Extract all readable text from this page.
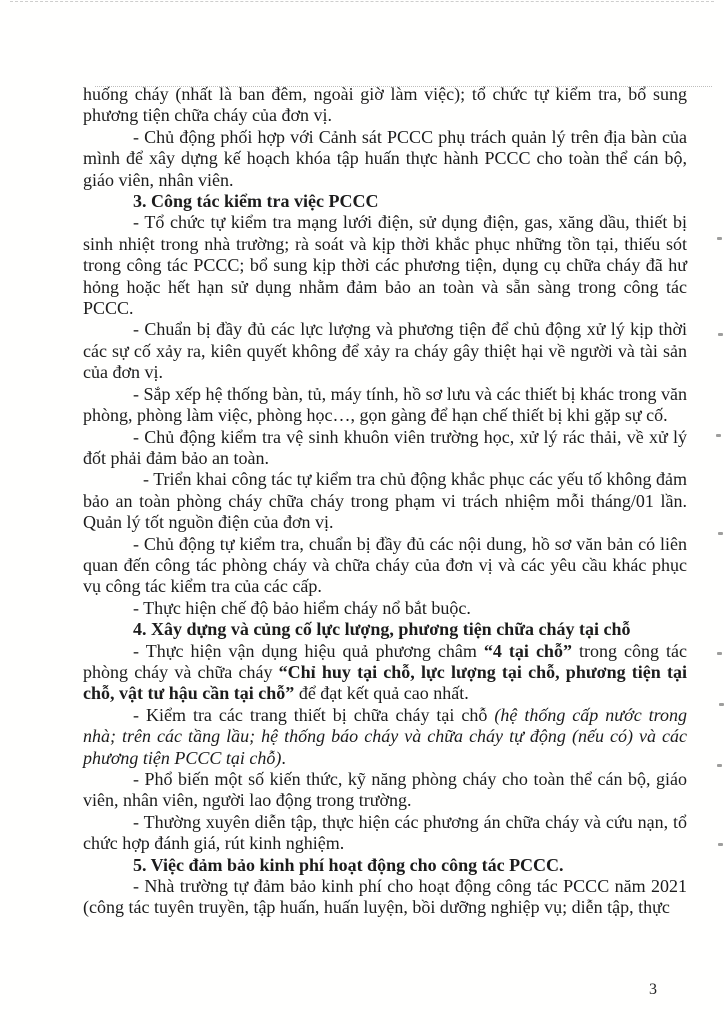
huống cháy (nhất là ban đêm, ngoài giờ làm việc); tổ chức tự kiểm tra, bổ sung phương tiện chữa cháy của đơn vị.

- Chủ động phối hợp với Cảnh sát PCCC phụ trách quản lý trên địa bàn của mình để xây dựng kế hoạch khóa tập huấn thực hành PCCC cho toàn thể cán bộ, giáo viên, nhân viên.

3. Công tác kiểm tra việc PCCC

- Tổ chức tự kiểm tra mạng lưới điện, sử dụng điện, gas, xăng dầu, thiết bị sinh nhiệt trong nhà trường; rà soát và kịp thời khắc phục những tồn tại, thiếu sót trong công tác PCCC; bổ sung kịp thời các phương tiện, dụng cụ chữa cháy đã hư hỏng hoặc hết hạn sử dụng nhằm đảm bảo an toàn và sẵn sàng trong công tác PCCC.

- Chuẩn bị đầy đủ các lực lượng và phương tiện để chủ động xử lý kịp thời các sự cố xảy ra, kiên quyết không để xảy ra cháy gây thiệt hại về người và tài sản của đơn vị.

- Sắp xếp hệ thống bàn, tủ, máy tính, hồ sơ lưu và các thiết bị khác trong văn phòng, phòng làm việc, phòng học…, gọn gàng để hạn chế thiết bị khi gặp sự cố.

- Chủ động kiểm tra vệ sinh khuôn viên trường học, xử lý rác thải, về xử lý đốt phải đảm bảo an toàn.

- Triển khai công tác tự kiểm tra chủ động khắc phục các yếu tố không đảm bảo an toàn phòng cháy chữa cháy trong phạm vi trách nhiệm mỗi tháng/01 lần. Quản lý tốt nguồn điện của đơn vị.

- Chủ động tự kiểm tra, chuẩn bị đầy đủ các nội dung, hồ sơ văn bản có liên quan đến công tác phòng cháy và chữa cháy của đơn vị và các yêu cầu khác phục vụ công tác kiểm tra của các cấp.

- Thực hiện chế độ bảo hiểm cháy nổ bắt buộc.

4. Xây dựng và củng cố lực lượng, phương tiện chữa cháy tại chỗ

- Thực hiện vận dụng hiệu quả phương châm “4 tại chỗ” trong công tác phòng cháy và chữa cháy “Chỉ huy tại chỗ, lực lượng tại chỗ, phương tiện tại chỗ, vật tư hậu cần tại chỗ” để đạt kết quả cao nhất.

- Kiểm tra các trang thiết bị chữa cháy tại chỗ (hệ thống cấp nước trong nhà; trên các tầng lầu; hệ thống báo cháy và chữa cháy tự động (nếu có) và các phương tiện PCCC tại chỗ).

- Phổ biến một số kiến thức, kỹ năng phòng cháy cho toàn thể cán bộ, giáo viên, nhân viên, người lao động trong trường.

- Thường xuyên diễn tập, thực hiện các phương án chữa cháy và cứu nạn, tổ chức hợp đánh giá, rút kinh nghiệm.

5. Việc đảm bảo kinh phí hoạt động cho công tác PCCC.

- Nhà trường tự đảm bảo kinh phí cho hoạt động công tác PCCC năm 2021 (công tác tuyên truyền, tập huấn, huấn luyện, bồi dưỡng nghiệp vụ; diễn tập, thực

3
